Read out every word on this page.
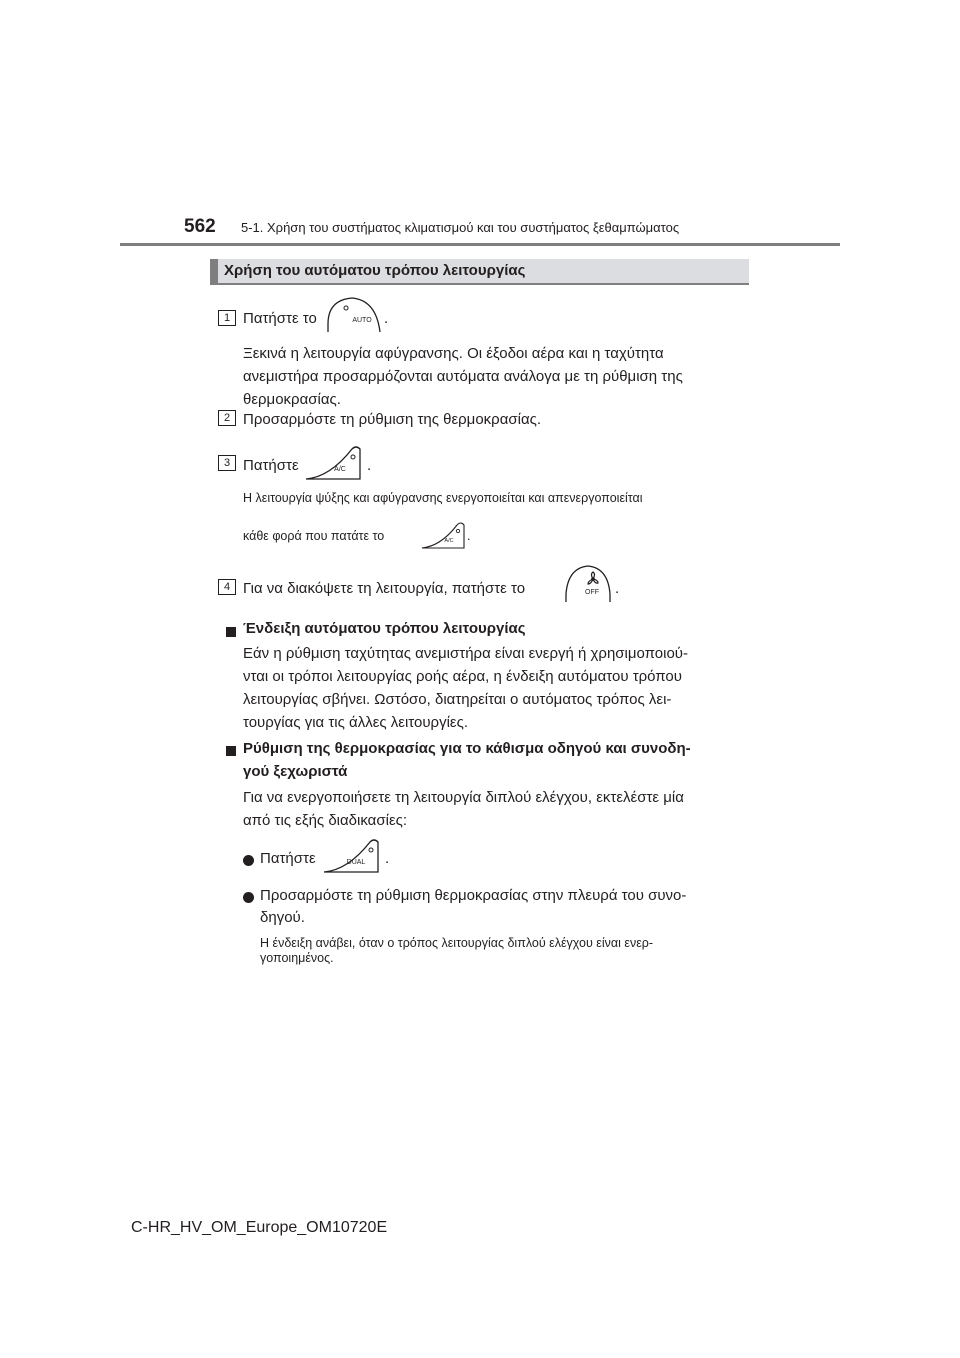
562 5-1. Χρήση του συστήματος κλιματισμού και του συστήματος ξεθαμπώματος
Χρήση του αυτόματου τρόπου λειτουργίας
1 Πατήστε το	AUTO .
Ξεκινά η λειτουργία αφύγρανσης. Οι έξοδοι αέρα και η ταχύτητα
ανεμιστήρα προσαρμόζονται αυτόματα ανάλογα με τη ρύθμιση της
θερμοκρασίας.
2 Προσαρμόστε τη ρύθμιση της θερμοκρασίας.
3 Πατήστε	A/C .
Η λειτουργία ψύξης και αφύγρανσης ενεργοποιείται και απενεργοποιείται
κάθε φορά που πατάτε το	A/C .
4 Για να διακόψετε τη λειτουργία, πατήστε το	OFF .
Ένδειξη αυτόματου τρόπου λειτουργίας
Εάν η ρύθμιση ταχύτητας ανεμιστήρα είναι ενεργή ή χρησιμοποιού-
νται οι τρόποι λειτουργίας ροής αέρα, η ένδειξη αυτόματου τρόπου
λειτουργίας σβήνει. Ωστόσο, διατηρείται ο αυτόματος τρόπος λει-
τουργίας για τις άλλες λειτουργίες.
Ρύθμιση της θερμοκρασίας για το κάθισμα οδηγού και συνοδη-
γού ξεχωριστά
Για να ενεργοποιήσετε τη λειτουργία διπλού ελέγχου, εκτελέστε μία
από τις εξής διαδικασίες:
Πατήστε	DUAL .
Προσαρμόστε τη ρύθμιση θερμοκρασίας στην πλευρά του συνο-
δηγού.
Η ένδειξη ανάβει, όταν ο τρόπος λειτουργίας διπλού ελέγχου είναι ενερ-
γοποιημένος.
C-HR_HV_OM_Europe_OM10720E
